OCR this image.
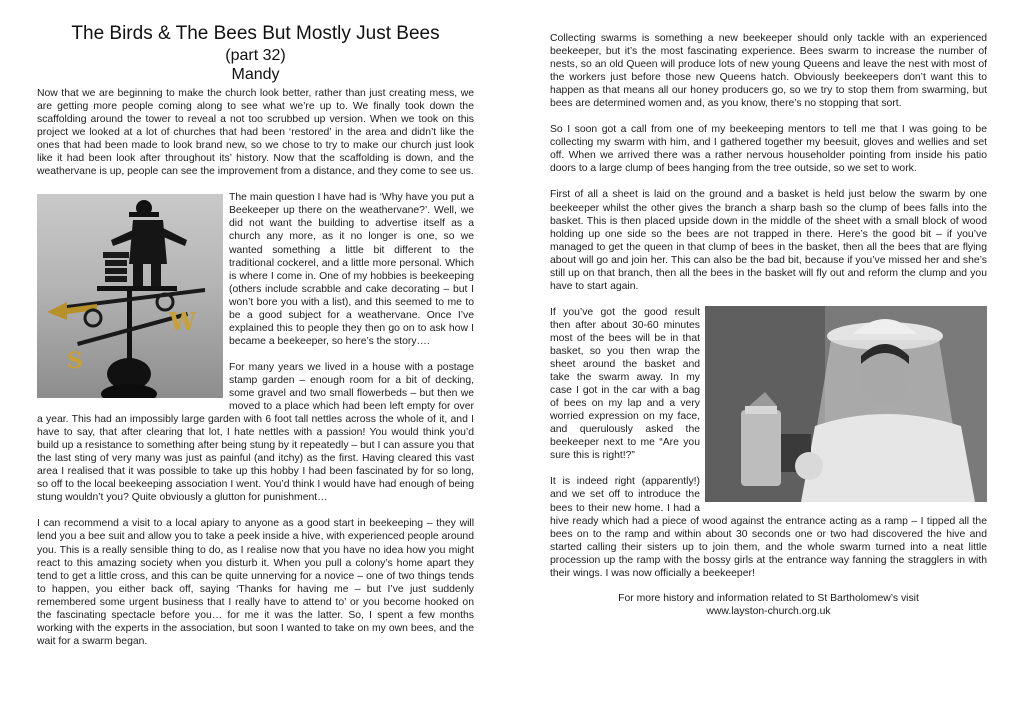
The Birds & The Bees But Mostly Just Bees
(part 32)
Mandy
Now that we are beginning to make the church look better, rather than just creating mess, we are getting more people coming along to see what we’re up to. We finally took down the scaffolding around the tower to reveal a not too scrubbed up version. When we took on this project we looked at a lot of churches that had been ‘restored’ in the area and didn’t like the ones that had been made to look brand new, so we chose to try to make our church just look like it had been look after throughout its’ history. Now that the scaffolding is down, and the weathervane is up, people can see the improvement from a distance, and they come to see us.
W
S
The main question I have had is ‘Why have you put a Beekeeper up there on the weathervane?’. Well, we did not want the building to advertise itself as a church any more, as it no longer is one, so we wanted something a little bit different to the traditional cockerel, and a little more personal. Which is where I come in. One of my hobbies is beekeeping (others include scrabble and cake decorating – but I won’t bore you with a list), and this seemed to me to be a good subject for a weathervane. Once I’ve explained this to people they then go on to ask how I became a beekeeper, so here’s the story….
For many years we lived in a house with a postage stamp garden – enough room for a bit of decking, some gravel and two small flowerbeds – but then we moved to a place which had been left empty for over a year. This had an impossibly large garden with 6 foot tall nettles across the whole of it, and I have to say, that after clearing that lot, I hate nettles with a passion! You would think you’d build up a resistance to something after being stung by it repeatedly – but I can assure you that the last sting of very many was just as painful (and itchy) as the first. Having cleared this vast area I realised that it was possible to take up this hobby I had been fascinated by for so long, so off to the local beekeeping association I went. You’d think I would have had enough of being stung wouldn’t you? Quite obviously a glutton for punishment…
I can recommend a visit to a local apiary to anyone as a good start in beekeeping – they will lend you a bee suit and allow you to take a peek inside a hive, with experienced people around you. This is a really sensible thing to do, as I realise now that you have no idea how you might react to this amazing society when you disturb it. When you pull a colony’s home apart they tend to get a little cross, and this can be quite unnerving for a novice – one of two things tends to happen, you either back off, saying ‘Thanks for having me – but I’ve just suddenly remembered some urgent business that I really have to attend to’ or you become hooked on the fascinating spectacle before you… for me it was the latter. So, I spent a few months working with the experts in the association, but soon I wanted to take on my own bees, and the wait for a swarm began.
Collecting swarms is something a new beekeeper should only tackle with an experienced beekeeper, but it’s the most fascinating experience. Bees swarm to increase the number of nests, so an old Queen will produce lots of new young Queens and leave the nest with most of the workers just before those new Queens hatch. Obviously beekeepers don’t want this to happen as that means all our honey producers go, so we try to stop them from swarming, but bees are determined women and, as you know, there’s no stopping that sort.
So I soon got a call from one of my beekeeping mentors to tell me that I was going to be collecting my swarm with him, and I gathered together my beesuit, gloves and wellies and set off. When we arrived there was a rather nervous householder pointing from inside his patio doors to a large clump of bees hanging from the tree outside, so we set to work.
First of all a sheet is laid on the ground and a basket is held just below the swarm by one beekeeper whilst the other gives the branch a sharp bash so the clump of bees falls into the basket. This is then placed upside down in the middle of the sheet with a small block of wood holding up one side so the bees are not trapped in there. Here’s the good bit – if you’ve managed to get the queen in that clump of bees in the basket, then all the bees that are flying about will go and join her. This can also be the bad bit, because if you’ve missed her and she’s still up on that branch, then all the bees in the basket will fly out and reform the clump and you have to start again.
If you’ve got the good result then after about 30-60 minutes most of the bees will be in that basket, so you then wrap the sheet around the basket and take the swarm away. In my case I got in the car with a bag of bees on my lap and a very worried expression on my face, and querulously asked the beekeeper next to me “Are you sure this is right!?”
It is indeed right (apparently!) and we set off to introduce the bees to their new home. I had a hive ready which had a piece of wood against the entrance acting as a ramp – I tipped all the bees on to the ramp and within about 30 seconds one or two had discovered the hive and started calling their sisters up to join them, and the whole swarm turned into a neat little procession up the ramp with the bossy girls at the entrance way fanning the stragglers in with their wings. I was now officially a beekeeper!
For more history and information related to St Bartholomew’s visit
www.layston-church.org.uk
